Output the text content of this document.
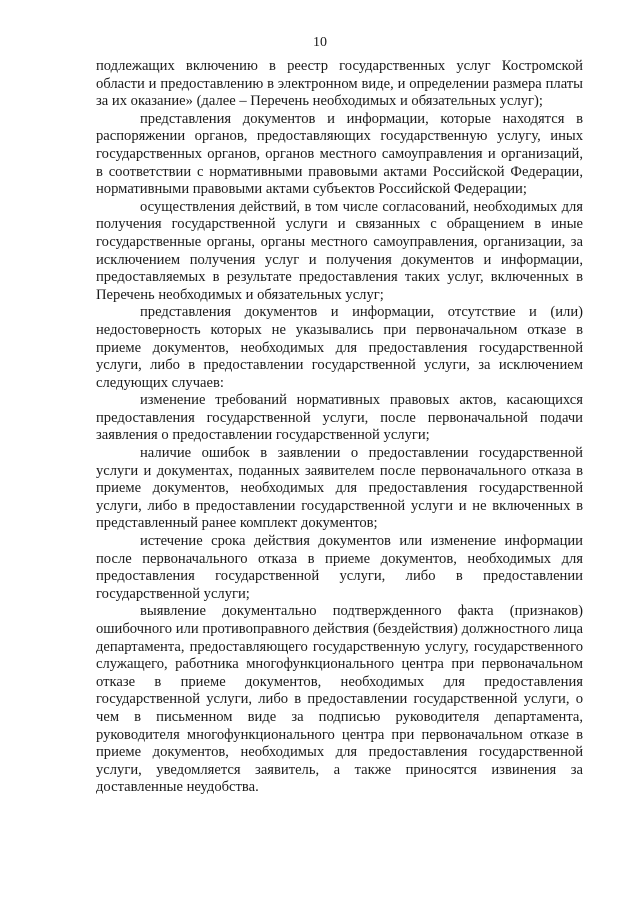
10

подлежащих включению в реестр государственных услуг Костромской области и предоставлению в электронном виде, и определении размера платы за их оказание» (далее – Перечень необходимых и обязательных услуг);

представления документов и информации, которые находятся в распоряжении органов, предоставляющих государственную услугу, иных государственных органов, органов местного самоуправления и организаций, в соответствии с нормативными правовыми актами Российской Федерации, нормативными правовыми актами субъектов Российской Федерации;

осуществления действий, в том числе согласований, необходимых для получения государственной услуги и связанных с обращением в иные государственные органы, органы местного самоуправления, организации, за исключением получения услуг и получения документов и информации, предоставляемых в результате предоставления таких услуг, включенных в Перечень необходимых и обязательных услуг;

представления документов и информации, отсутствие и (или) недостоверность которых не указывались при первоначальном отказе в приеме документов, необходимых для предоставления государственной услуги, либо в предоставлении государственной услуги, за исключением следующих случаев:

изменение требований нормативных правовых актов, касающихся предоставления государственной услуги, после первоначальной подачи заявления о предоставлении государственной услуги;

наличие ошибок в заявлении о предоставлении государственной услуги и документах, поданных заявителем после первоначального отказа в приеме документов, необходимых для предоставления государственной услуги, либо в предоставлении государственной услуги и не включенных в представленный ранее комплект документов;

истечение срока действия документов или изменение информации после первоначального отказа в приеме документов, необходимых для предоставления государственной услуги, либо в предоставлении государственной услуги;

выявление документально подтвержденного факта (признаков) ошибочного или противоправного действия (бездействия) должностного лица департамента, предоставляющего государственную услугу, государственного служащего, работника многофункционального центра при первоначальном отказе в приеме документов, необходимых для предоставления государственной услуги, либо в предоставлении государственной услуги, о чем в письменном виде за подписью руководителя департамента, руководителя многофункционального центра при первоначальном отказе в приеме документов, необходимых для предоставления государственной услуги, уведомляется заявитель, а также приносятся извинения за доставленные неудобства.
